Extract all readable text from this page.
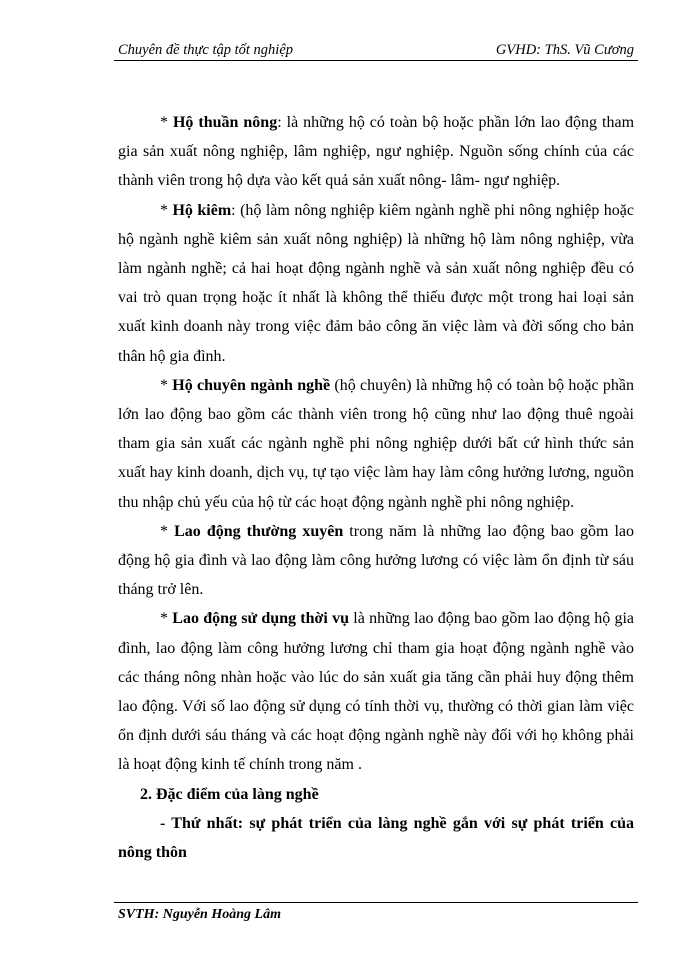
Chuyên đề thực tập tốt nghiệp	GVHD: ThS. Vũ Cương

* Hộ thuần nông: là những hộ có toàn bộ hoặc phần lớn lao động tham gia sản xuất nông nghiệp, lâm nghiệp, ngư nghiệp. Nguồn sống chính của các thành viên trong hộ dựa vào kết quả sản xuất nông- lâm- ngư nghiệp.

* Hộ kiêm: (hộ làm nông nghiệp kiêm ngành nghề phi nông nghiệp hoặc hộ ngành nghề kiêm sản xuất nông nghiệp) là những hộ làm nông nghiệp, vừa làm ngành nghề; cả hai hoạt động ngành nghề và sản xuất nông nghiệp đều có vai trò quan trọng hoặc ít nhất là không thể thiếu được một trong hai loại sản xuất kinh doanh này trong việc đảm bảo công ăn việc làm và đời sống cho bản thân hộ gia đình.

* Hộ chuyên ngành nghề (hộ chuyên) là những hộ có toàn bộ hoặc phần lớn lao động bao gồm các thành viên trong hộ cũng như lao động thuê ngoài tham gia sản xuất các ngành nghề phi nông nghiệp dưới bất cứ hình thức sản xuất hay kinh doanh, dịch vụ, tự tạo việc làm hay làm công hưởng lương, nguồn thu nhập chủ yếu của hộ từ các hoạt động ngành nghề phi nông nghiệp.

* Lao động thường xuyên trong năm là những lao động bao gồm lao động hộ gia đình và lao động làm công hưởng lương có việc làm ổn định từ sáu tháng trở lên.

* Lao động sử dụng thời vụ là những lao động bao gồm lao động hộ gia đình, lao động làm công hưởng lương chỉ tham gia hoạt động ngành nghề vào các tháng nông nhàn hoặc vào lúc do sản xuất gia tăng cần phải huy động thêm lao động. Với số lao động sử dụng có tính thời vụ, thường có thời gian làm việc ổn định dưới sáu tháng và các hoạt động ngành nghề này đối với họ không phải là hoạt động kinh tế chính trong năm .

2. Đặc điểm của làng nghề

- Thứ nhất: sự phát triển của làng nghề gắn với sự phát triển của nông thôn

SVTH: Nguyễn Hoàng Lâm
